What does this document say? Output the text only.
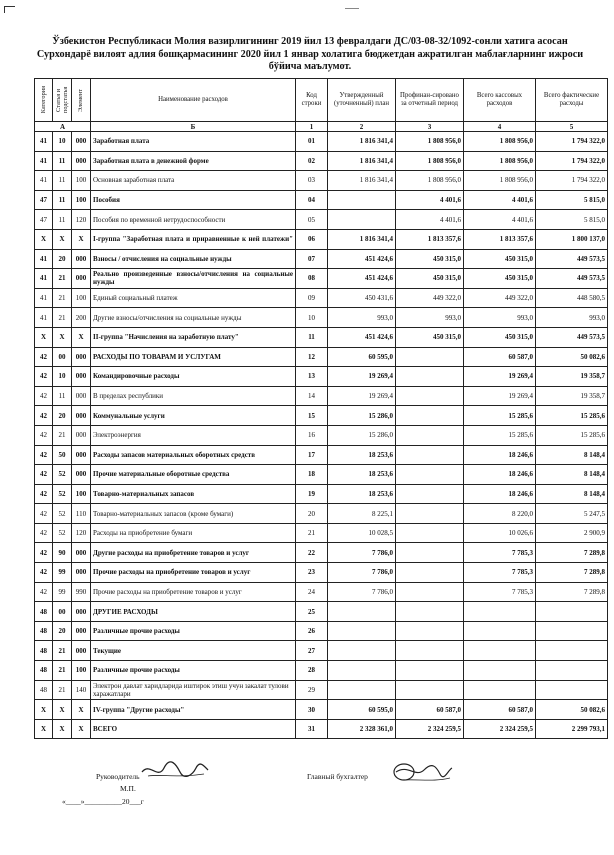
Ўзбекистон Республикаси Молия вазирлигининг 2019 йил 13 февралдаги ДС/03-08-32/1092-сонли хатига асосан
Сурхондарё вилоят адлия бошқармасининг 2020 йил 1 январ холатига бюджетдан ажратилган маблағларнинг ижроси
бўйича маълумот.
Категория	Статья и подстатья	Элемент	Наименование расходов	Код строки	Утвержденный (уточненный) план	Профинан-сировано за отчетный период	Всего кассовых расходов	Всего фактические расходы
А			Б	1	2	3	4	5
41	10	000	Заработная плата	01	1 816 341,4	1 808 956,0	1 808 956,0	1 794 322,0
41	11	000	Заработная плата в денежной форме	02	1 816 341,4	1 808 956,0	1 808 956,0	1 794 322,0
41	11	100	Основная заработная плата	03	1 816 341,4	1 808 956,0	1 808 956,0	1 794 322,0
47	11	100	Пособия	04		4 401,6	4 401,6	5 815,0
47	11	120	Пособия по временной нетрудоспособности	05		4 401,6	4 401,6	5 815,0
X	X	X	I-группа "Заработная плата и приравненные к ней платежи"	06	1 816 341,4	1 813 357,6	1 813 357,6	1 800 137,0
41	20	000	Взносы / отчисления на социальные нужды	07	451 424,6	450 315,0	450 315,0	449 573,5
41	21	000	Реально произведенные взносы/отчисления на социальные нужды	08	451 424,6	450 315,0	450 315,0	449 573,5
41	21	100	Единый социальный платеж	09	450 431,6	449 322,0	449 322,0	448 580,5
41	21	200	Другие взносы/отчисления на социальные нужды	10	993,0	993,0	993,0	993,0
X	X	X	II-группа "Начисления на заработную плату"	11	451 424,6	450 315,0	450 315,0	449 573,5
42	00	000	РАСХОДЫ ПО ТОВАРАМ И УСЛУГАМ	12	60 595,0		60 587,0	50 082,6
42	10	000	Командировочные расходы	13	19 269,4		19 269,4	19 358,7
42	11	000	В пределах республики	14	19 269,4		19 269,4	19 358,7
42	20	000	Коммунальные услуги	15	15 286,0		15 285,6	15 285,6
42	21	000	Электроэнергия	16	15 286,0		15 285,6	15 285,6
42	50	000	Расходы запасов материальных оборотных средств	17	18 253,6		18 246,6	8 148,4
42	52	000	Прочие материальные оборотные средства	18	18 253,6		18 246,6	8 148,4
42	52	100	Товарно-материальных запасов	19	18 253,6		18 246,6	8 148,4
42	52	110	Товарно-материальных запасов (кроме бумаги)	20	8 225,1		8 220,0	5 247,5
42	52	120	Расходы на приобретение бумаги	21	10 028,5		10 026,6	2 900,9
42	90	000	Другие расходы на приобретение товаров и услуг	22	7 786,0		7 785,3	7 289,8
42	99	000	Прочие расходы на приобретение товаров и услуг	23	7 786,0		7 785,3	7 289,8
42	99	990	Прочие расходы на приобретение товаров и услуг	24	7 786,0		7 785,3	7 289,8
48	00	000	ДРУГИЕ РАСХОДЫ	25				
48	20	000	Различные прочие расходы	26				
48	21	000	Текущие	27				
48	21	100	Различные прочие расходы	28				
48	21	140	Электрон давлат харидларида иштирок этиш учун закалат тулови харажатлари	29				
X	X	X	IV-группа "Другие расходы"	30	60 595,0	60 587,0	60 587,0	50 082,6
X	X	X	ВСЕГО	31	2 328 361,0	2 324 259,5	2 324 259,5	2 299 793,1
Руководитель
М.П.
Главный бухгалтер
«____»__________20___г
